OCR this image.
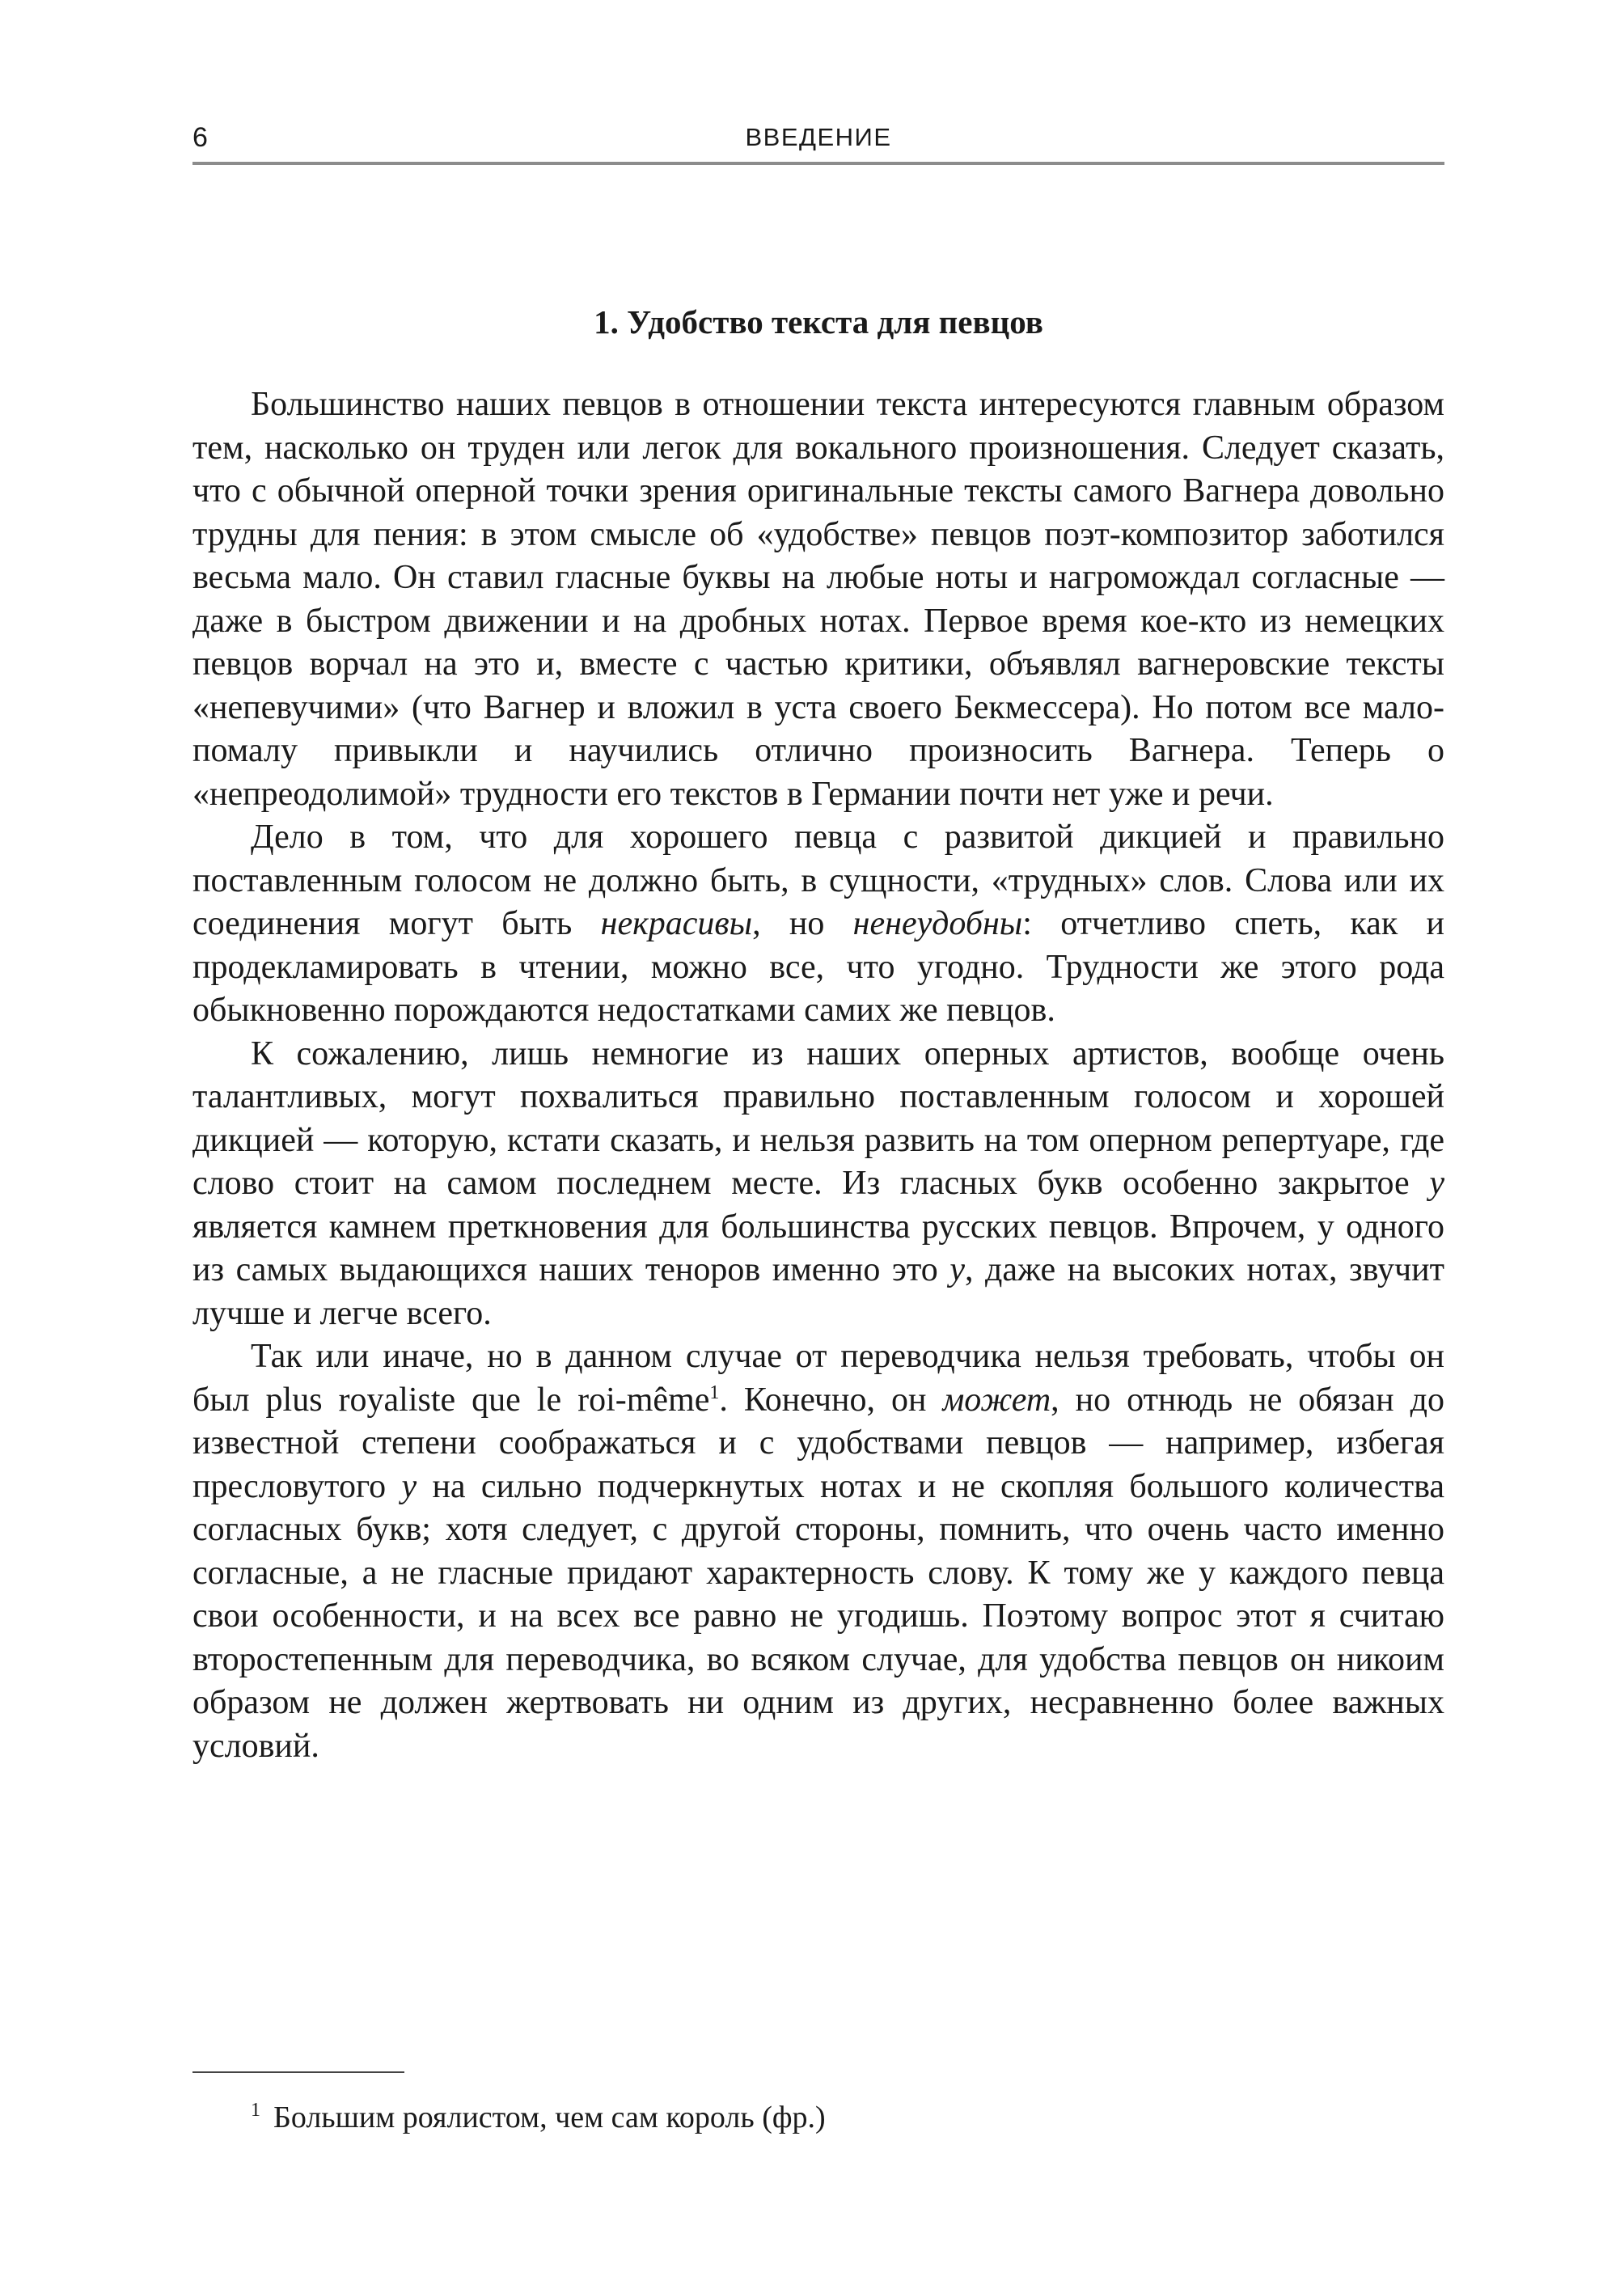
6	ВВЕДЕНИЕ
1. Удобство текста для певцов

Большинство наших певцов в отношении текста интересуются главным образом тем, насколько он труден или легок для вокального произношения. Следует сказать, что с обычной оперной точки зрения оригинальные тексты самого Вагнера довольно трудны для пения: в этом смысле об «удобстве» певцов поэт-композитор заботился весьма мало. Он ставил гласные буквы на любые ноты и нагромождал согласные — даже в быстром движении и на дробных нотах. Первое время кое-кто из немецких певцов ворчал на это и, вместе с частью критики, объявлял вагнеровские тексты «непевучими» (что Вагнер и вложил в уста своего Бекмессера). Но потом все мало-помалу привыкли и научились отлично произносить Вагнера. Теперь о «непреодолимой» трудности его текстов в Германии почти нет уже и речи.

Дело в том, что для хорошего певца с развитой дикцией и правильно поставленным голосом не должно быть, в сущности, «трудных» слов. Слова или их соединения могут быть некрасивы, но ненеудобны: отчетливо спеть, как и продекламировать в чтении, можно все, что угодно. Трудности же этого рода обыкновенно порождаются недостатками самих же певцов.

К сожалению, лишь немногие из наших оперных артистов, вообще очень талантливых, могут похвалиться правильно поставленным голосом и хорошей дикцией — которую, кстати сказать, и нельзя развить на том оперном репертуаре, где слово стоит на самом последнем месте. Из гласных букв особенно закрытое у является камнем преткновения для большинства русских певцов. Впрочем, у одного из самых выдающихся наших теноров именно это у, даже на высоких нотах, звучит лучше и легче всего.

Так или иначе, но в данном случае от переводчика нельзя требовать, чтобы он был plus royaliste que le roi-même$^1$. Конечно, он может, но отнюдь не обязан до известной степени соображаться и с удобствами певцов — например, избегая пресловутого у на сильно подчеркнутых нотах и не скопляя большого количества согласных букв; хотя следует, с другой стороны, помнить, что очень часто именно согласные, а не гласные придают характерность слову. К тому же у каждого певца свои особенности, и на всех все равно не угодишь. Поэтому вопрос этот я считаю второстепенным для переводчика, во всяком случае, для удобства певцов он никоим образом не должен жертвовать ни одним из других, несравненно более важных условий.

$^1$ Большим роялистом, чем сам король (фр.)
